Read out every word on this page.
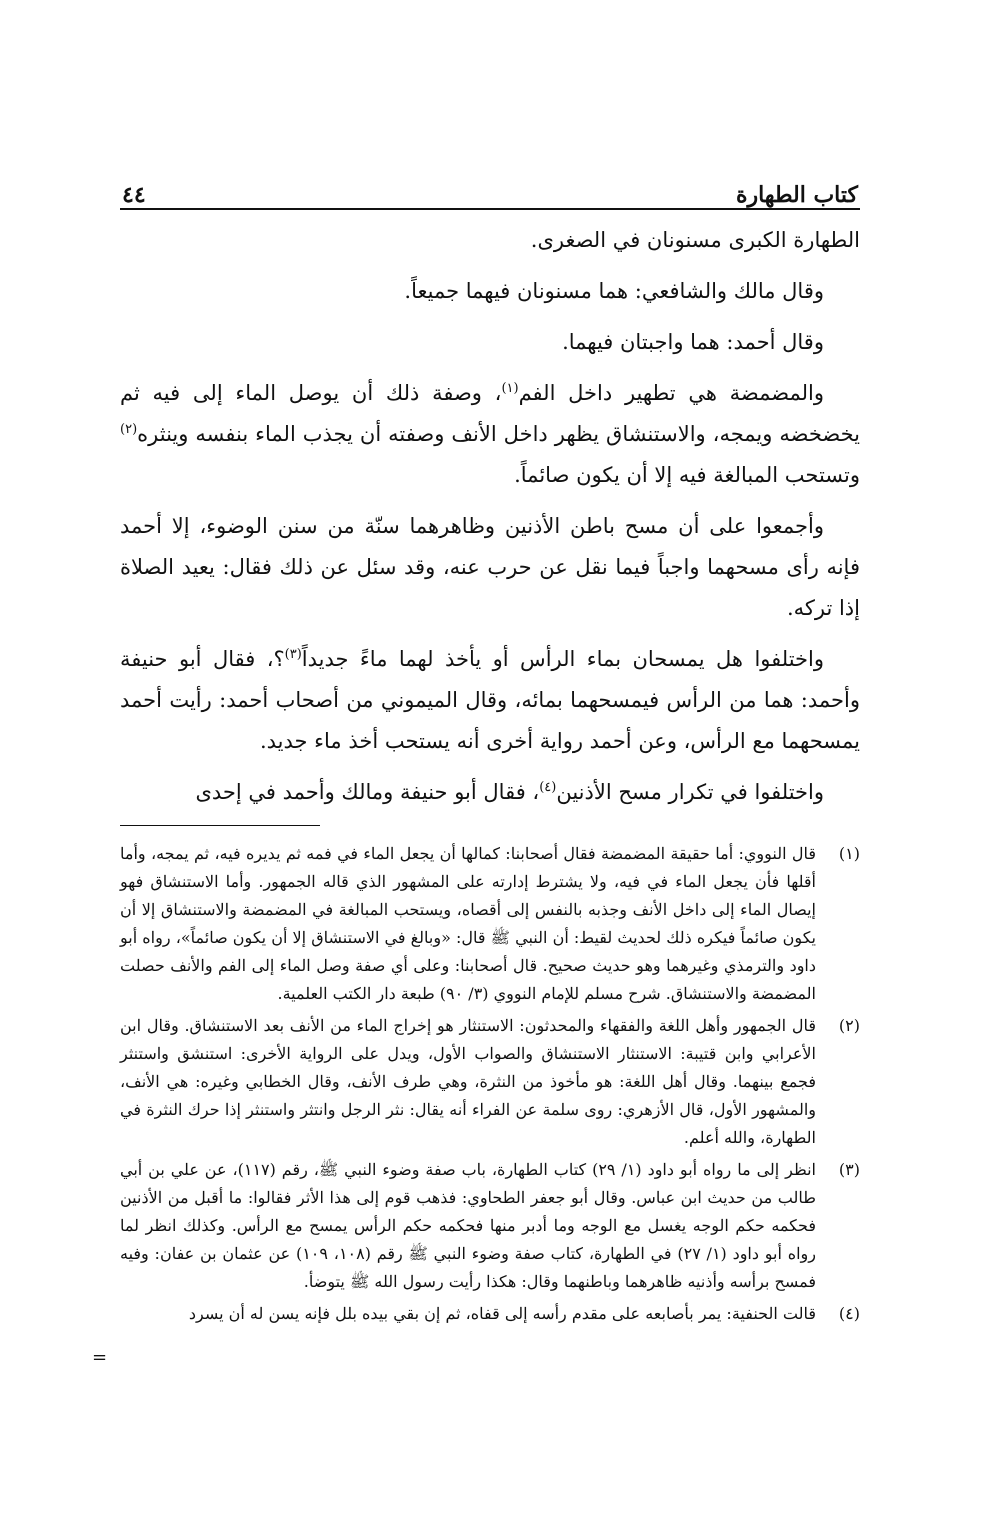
كتاب الطهارة
٤٤

الطهارة الكبرى مسنونان في الصغرى.

وقال مالك والشافعي: هما مسنونان فيهما جميعاً.

وقال أحمد: هما واجبتان فيهما.

والمضمضة هي تطهير داخل الفم$^{(١)}$، وصفة ذلك أن يوصل الماء إلى فيه ثم يخضخضه ويمجه، والاستنشاق يظهر داخل الأنف وصفته أن يجذب الماء بنفسه وينثره$^{(٢)}$ وتستحب المبالغة فيه إلا أن يكون صائماً.

وأجمعوا على أن مسح باطن الأذنين وظاهرهما سنّة من سنن الوضوء، إلا أحمد فإنه رأى مسحهما واجباً فيما نقل عن حرب عنه، وقد سئل عن ذلك فقال: يعيد الصلاة إذا تركه.

واختلفوا هل يمسحان بماء الرأس أو يأخذ لهما ماءً جديداً$^{(٣)}$؟، فقال أبو حنيفة وأحمد: هما من الرأس فيمسحهما بمائه، وقال الميموني من أصحاب أحمد: رأيت أحمد يمسحهما مع الرأس، وعن أحمد رواية أخرى أنه يستحب أخذ ماء جديد.

واختلفوا في تكرار مسح الأذنين$^{(٤)}$، فقال أبو حنيفة ومالك وأحمد في إحدى

(١)
قال النووي: أما حقيقة المضمضة فقال أصحابنا: كمالها أن يجعل الماء في فمه ثم يديره فيه، ثم يمجه، وأما أقلها فأن يجعل الماء في فيه، ولا يشترط إدارته على المشهور الذي قاله الجمهور. وأما الاستنشاق فهو إيصال الماء إلى داخل الأنف وجذبه بالنفس إلى أقصاه، ويستحب المبالغة في المضمضة والاستنشاق إلا أن يكون صائماً فيكره ذلك لحديث لقيط: أن النبي ﷺ قال: «وبالغ في الاستنشاق إلا أن يكون صائماً»، رواه أبو داود والترمذي وغيرهما وهو حديث صحيح. قال أصحابنا: وعلى أي صفة وصل الماء إلى الفم والأنف حصلت المضمضة والاستنشاق. شرح مسلم للإمام النووي (٣/ ٩٠) طبعة دار الكتب العلمية.
(٢)
قال الجمهور وأهل اللغة والفقهاء والمحدثون: الاستنثار هو إخراج الماء من الأنف بعد الاستنشاق. وقال ابن الأعرابي وابن قتيبة: الاستنثار الاستنشاق والصواب الأول، ويدل على الرواية الأخرى: استنشق واستنثر فجمع بينهما. وقال أهل اللغة: هو مأخوذ من النثرة، وهي طرف الأنف، وقال الخطابي وغيره: هي الأنف، والمشهور الأول، قال الأزهري: روى سلمة عن الفراء أنه يقال: نثر الرجل وانتثر واستنثر إذا حرك النثرة في الطهارة، والله أعلم.
(٣)
انظر إلى ما رواه أبو داود (١/ ٢٩) كتاب الطهارة، باب صفة وضوء النبي ﷺ، رقم (١١٧)، عن علي بن أبي طالب من حديث ابن عباس. وقال أبو جعفر الطحاوي: فذهب قوم إلى هذا الأثر فقالوا: ما أقبل من الأذنين فحكمه حكم الوجه يغسل مع الوجه وما أدبر منها فحكمه حكم الرأس يمسح مع الرأس. وكذلك انظر لما رواه أبو داود (١/ ٢٧) في الطهارة، كتاب صفة وضوء النبي ﷺ رقم (١٠٨، ١٠٩) عن عثمان بن عفان: وفيه فمسح برأسه وأذنيه ظاهرهما وباطنهما وقال: هكذا رأيت رسول الله ﷺ يتوضأ.
(٤)
قالت الحنفية: يمر بأصابعه على مقدم رأسه إلى قفاه، ثم إن بقي بيده بلل فإنه يسن له أن يسرد
=
